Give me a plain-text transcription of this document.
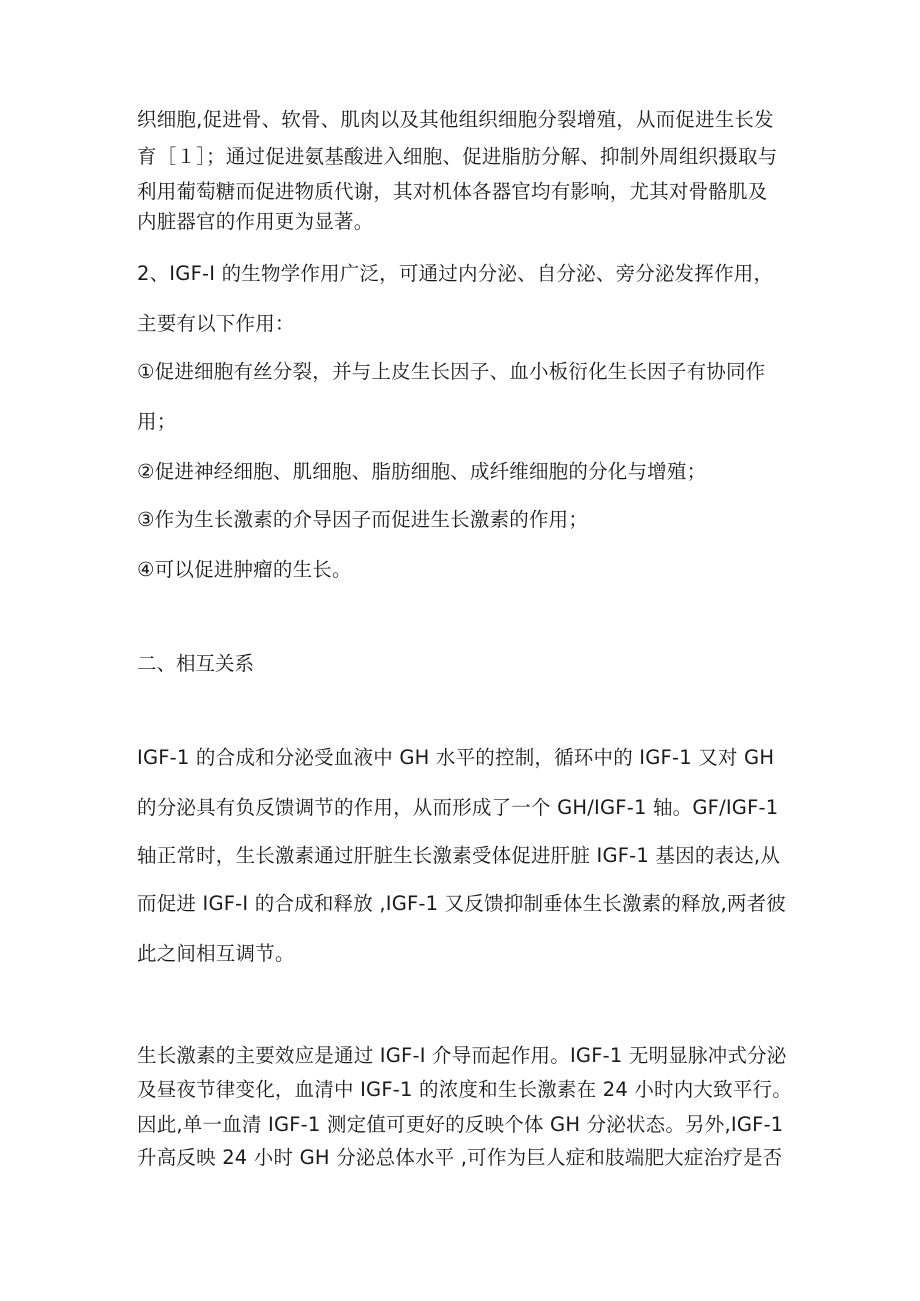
织细胞,促进骨、软骨、肌肉以及其他组织细胞分裂增殖，从而促进生长发
育［１］；通过促进氨基酸进入细胞、促进脂肪分解、抑制外周组织摄取与
利用葡萄糖而促进物质代谢，其对机体各器官均有影响，尤其对骨骼肌及
内脏器官的作用更为显著。
2、IGF-I 的生物学作用广泛，可通过内分泌、自分泌、旁分泌发挥作用，
主要有以下作用：
①促进细胞有丝分裂，并与上皮生长因子、血小板衍化生长因子有协同作
用；
②促进神经细胞、肌细胞、脂肪细胞、成纤维细胞的分化与增殖；
③作为生长激素的介导因子而促进生长激素的作用；
④可以促进肿瘤的生长。
二、相互关系
IGF-1 的合成和分泌受血液中 GH 水平的控制，循环中的 IGF-1 又对 GH
的分泌具有负反馈调节的作用，从而形成了一个 GH/IGF-1 轴。GF/IGF-1
轴正常时，生长激素通过肝脏生长激素受体促进肝脏 IGF-1 基因的表达,从
而促进 IGF-I 的合成和释放 ,IGF-1 又反馈抑制垂体生长激素的释放,两者彼
此之间相互调节。
生长激素的主要效应是通过 IGF-I 介导而起作用。IGF-1 无明显脉冲式分泌
及昼夜节律变化，血清中 IGF-1 的浓度和生长激素在 24 小时内大致平行。
因此,单一血清 IGF-1 测定值可更好的反映个体 GH 分泌状态。另外,IGF-1
升高反映 24 小时 GH 分泌总体水平 ,可作为巨人症和肢端肥大症治疗是否
